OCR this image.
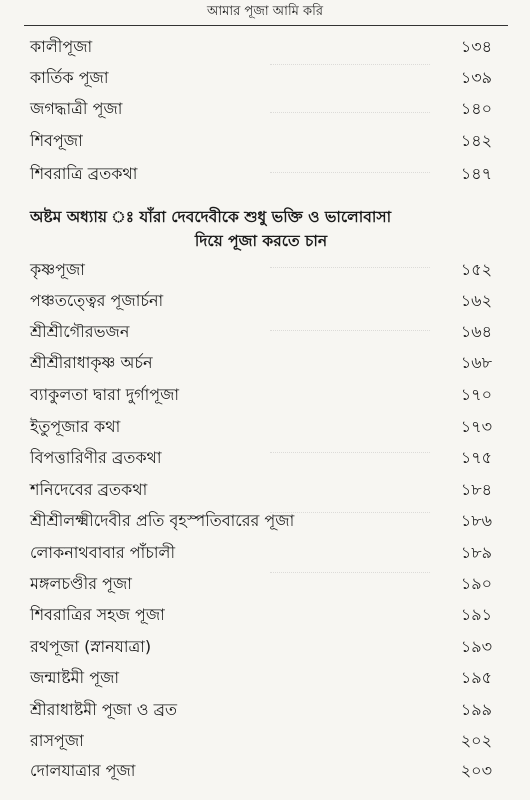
আমার পূজা আমি করি
কালীপূজা	১৩৪
কার্তিক পূজা	১৩৯
জগদ্ধাত্রী পূজা	১৪০
শিবপূজা	১৪২
শিবরাত্রি ব্রতকথা	১৪৭
অষ্টম অধ্যায় ঃ যাঁরা দেবদেবীকে শুধু ভক্তি ও ভালোবাসা
দিয়ে পূজা করতে চান
কৃষ্ণপূজা	১৫২
পঞ্চতত্ত্বের পূজার্চনা	১৬২
শ্রীশ্রীগৌরভজন	১৬৪
শ্রীশ্রীরাধাকৃষ্ণ অর্চন	১৬৮
ব্যাকুলতা দ্বারা দুর্গাপূজা	১৭০
ইতুপূজার কথা	১৭৩
বিপত্তারিণীর ব্রতকথা	১৭৫
শনিদেবের ব্রতকথা	১৮৪
শ্রীশ্রীলক্ষ্মীদেবীর প্রতি বৃহস্পতিবারের পূজা	১৮৬
লোকনাথবাবার পাঁচালী	১৮৯
মঙ্গলচণ্ডীর পূজা	১৯০
শিবরাত্রির সহজ পূজা	১৯১
রথপূজা (স্নানযাত্রা)	১৯৩
জন্মাষ্টমী পূজা	১৯৫
শ্রীরাধাষ্টমী পূজা ও ব্রত	১৯৯
রাসপূজা	২০২
দোলযাত্রার পূজা	২০৩
